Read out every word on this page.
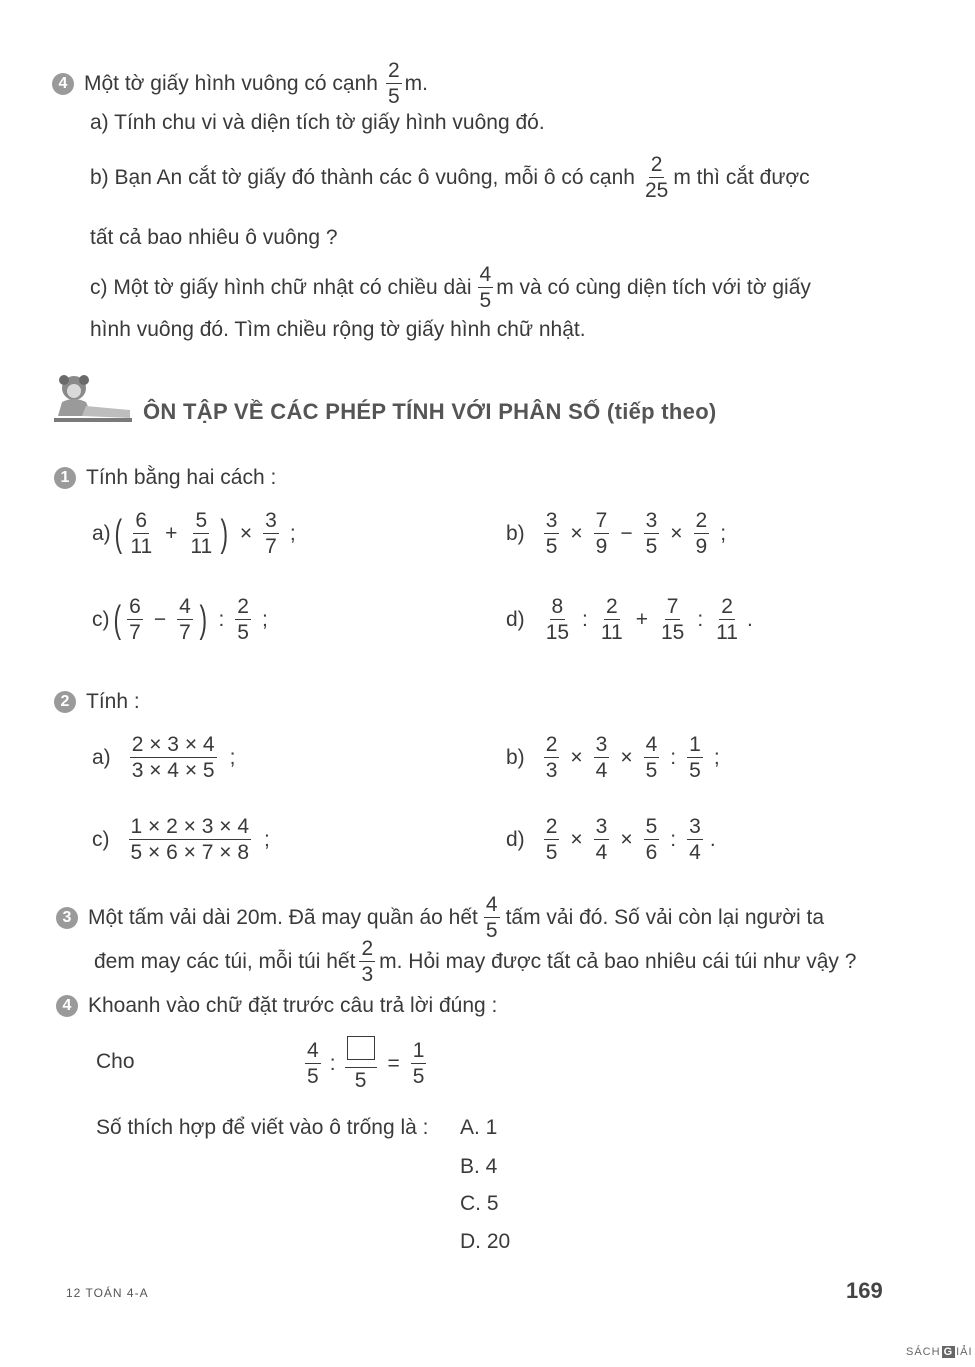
4 Một tờ giấy hình vuông có cạnh $\frac{2}{5} m$.
a) Tính chu vi và diện tích tờ giấy hình vuông đó.
b) Bạn An cắt tờ giấy đó thành các ô vuông, mỗi ô có cạnh $\frac{2}{25}$ m thì cắt được
tất cả bao nhiêu ô vuông ?
c) Một tờ giấy hình chữ nhật có chiều dài $\frac{4}{5}$ m và có cùng diện tích với tờ giấy
hình vuông đó. Tìm chiều rộng tờ giấy hình chữ nhật.
ÔN TẬP VỀ CÁC PHÉP TÍNH VỚI PHÂN SỐ (tiếp theo)
1 Tính bằng hai cách :
a) ( $\frac{6}{11} + \frac{5}{11}$ ) × $\frac{3}{7}$ ;	$b) \frac{3}{5} \times \frac{7}{9} - \frac{3}{5} \times \frac{2}{9}$ ;
c) ( $\frac{6}{7} - \frac{4}{7}$ ) : $\frac{2}{5}$ ;	$d) \frac{8}{15}$ : $\frac{2}{11} + \frac{7}{15}$ : $\frac{2}{11}$ .
2 Tính :
$a) \frac{2 \times 3 \times 4}{3 \times 4 \times 5}$ ;	$b) \frac{2}{3} \times \frac{3}{4} \times \frac{4}{5}$ : $\frac{1}{5}$ ;
$c) \frac{1 \times 2 \times 3 \times 4}{5 \times 6 \times 7 \times 8}$ ;	$d) \frac{2}{5} \times \frac{3}{4} \times \frac{5}{6}$ : $\frac{3}{4}$ .
3 Một tấm vải dài 20m. Đã may quần áo hết $\frac{4}{5}$ tấm vải đó. Số vải còn lại người ta
đem may các túi, mỗi túi hết $\frac{2}{3} m$. Hỏi may được tất cả bao nhiêu cái túi như vậy ?
4 Khoanh vào chữ đặt trước câu trả lời đúng :
Cho	$\frac{4}{5}$ :
5
= $\frac{1}{5}$
Số thích hợp để viết vào ô trống là : A. 1
B. 4
C. 5
D. 20
12 TOÁN 4-A	169
SÁCH G IẢI
